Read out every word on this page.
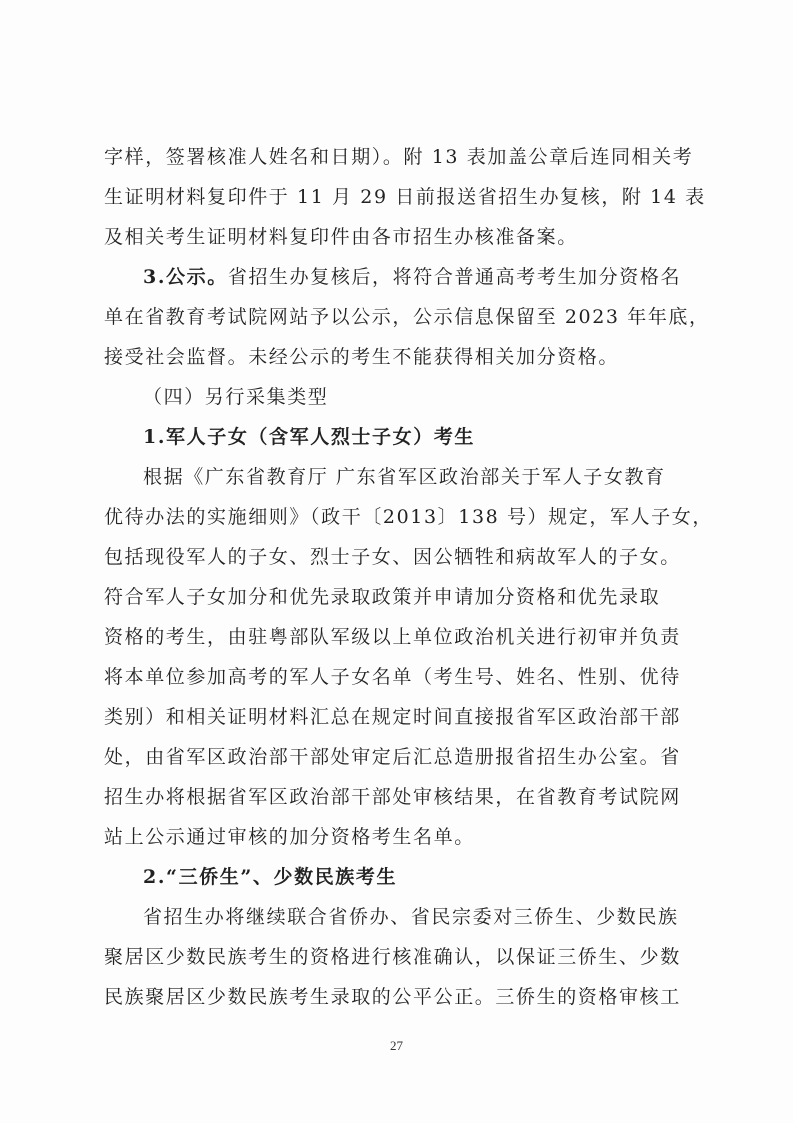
字样，签署核准人姓名和日期）。附 13 表加盖公章后连同相关考
生证明材料复印件于 11 月 29 日前报送省招生办复核，附 14 表
及相关考生证明材料复印件由各市招生办核准备案。
3.公示。省招生办复核后，将符合普通高考考生加分资格名
单在省教育考试院网站予以公示，公示信息保留至 2023 年年底，
接受社会监督。未经公示的考生不能获得相关加分资格。
（四）另行采集类型
1.军人子女（含军人烈士子女）考生
根据《广东省教育厅 广东省军区政治部关于军人子女教育
优待办法的实施细则》（政干〔2013〕138 号）规定，军人子女，
包括现役军人的子女、烈士子女、因公牺牲和病故军人的子女。
符合军人子女加分和优先录取政策并申请加分资格和优先录取
资格的考生，由驻粤部队军级以上单位政治机关进行初审并负责
将本单位参加高考的军人子女名单（考生号、姓名、性别、优待
类别）和相关证明材料汇总在规定时间直接报省军区政治部干部
处，由省军区政治部干部处审定后汇总造册报省招生办公室。省
招生办将根据省军区政治部干部处审核结果，在省教育考试院网
站上公示通过审核的加分资格考生名单。
2.“三侨生”、少数民族考生
省招生办将继续联合省侨办、省民宗委对三侨生、少数民族
聚居区少数民族考生的资格进行核准确认，以保证三侨生、少数
民族聚居区少数民族考生录取的公平公正。三侨生的资格审核工
27
